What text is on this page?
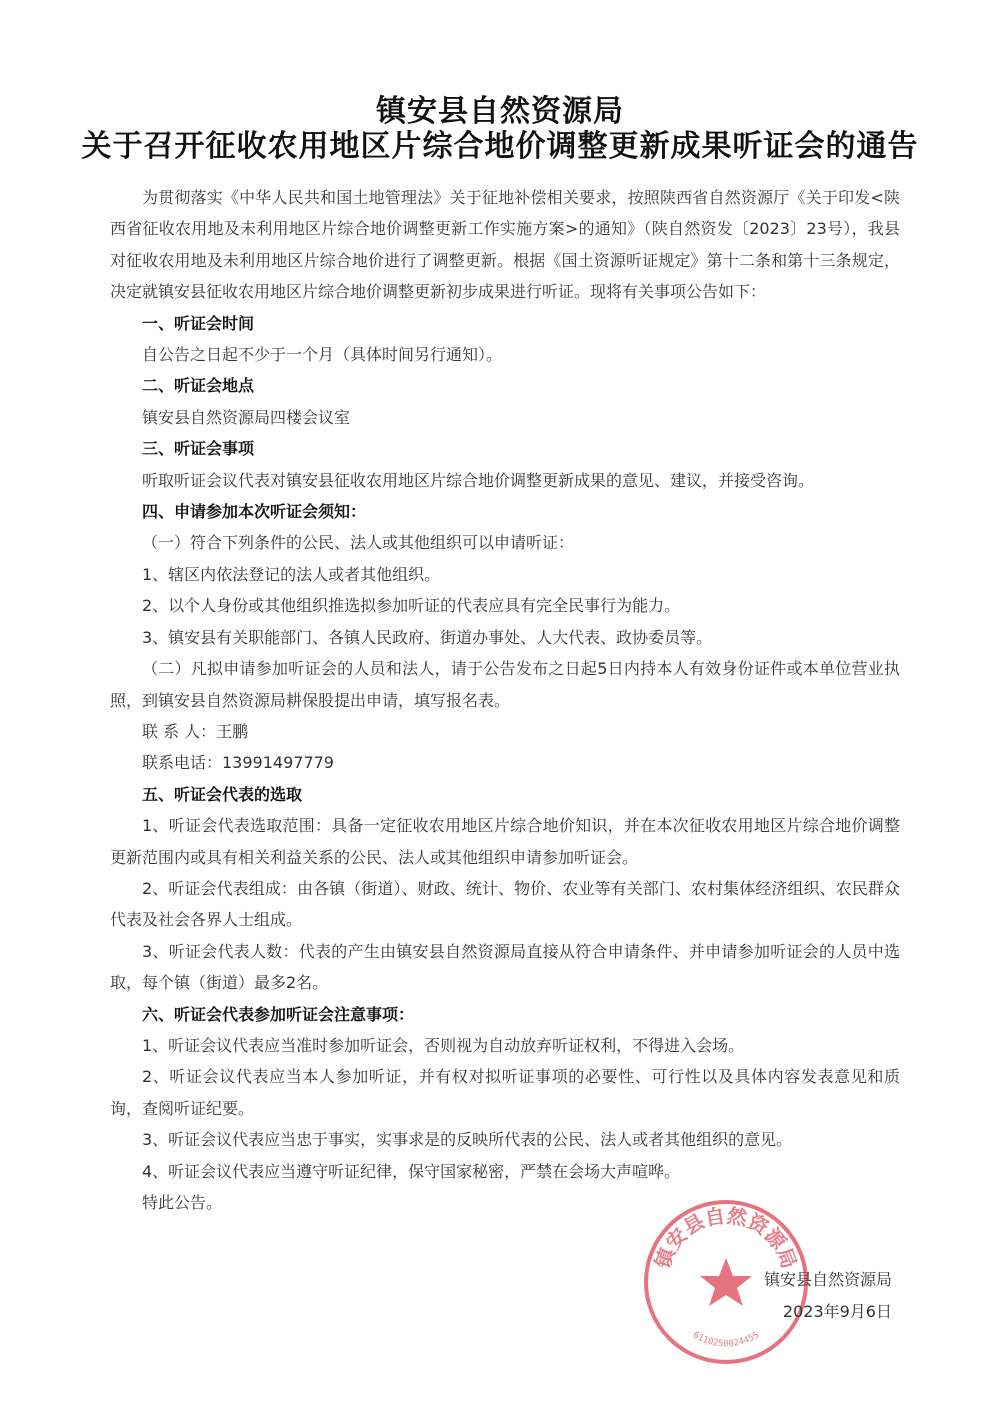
镇安县自然资源局
关于召开征收农用地区片综合地价调整更新成果听证会的通告

为贯彻落实《中华人民共和国土地管理法》关于征地补偿相关要求，按照陕西省自然资源厅《关于印发<陕西省征收农用地及未利用地区片综合地价调整更新工作实施方案>的通知》（陕自然资发〔2023〕23号），我县对征收农用地及未利用地区片综合地价进行了调整更新。根据《国土资源听证规定》第十二条和第十三条规定，决定就镇安县征收农用地区片综合地价调整更新初步成果进行听证。现将有关事项公告如下：

一、听证会时间

自公告之日起不少于一个月（具体时间另行通知）。

二、听证会地点

镇安县自然资源局四楼会议室

三、听证会事项

听取听证会议代表对镇安县征收农用地区片综合地价调整更新成果的意见、建议，并接受咨询。

四、申请参加本次听证会须知：

（一）符合下列条件的公民、法人或其他组织可以申请听证：

1、辖区内依法登记的法人或者其他组织。

2、以个人身份或其他组织推选拟参加听证的代表应具有完全民事行为能力。

3、镇安县有关职能部门、各镇人民政府、街道办事处、人大代表、政协委员等。

（二）凡拟申请参加听证会的人员和法人，请于公告发布之日起5日内持本人有效身份证件或本单位营业执照，到镇安县自然资源局耕保股提出申请，填写报名表。

联 系 人：王鹏

联系电话：13991497779

五、听证会代表的选取

1、听证会代表选取范围：具备一定征收农用地区片综合地价知识，并在本次征收农用地区片综合地价调整更新范围内或具有相关利益关系的公民、法人或其他组织申请参加听证会。

2、听证会代表组成：由各镇（街道）、财政、统计、物价、农业等有关部门、农村集体经济组织、农民群众代表及社会各界人士组成。

3、听证会代表人数：代表的产生由镇安县自然资源局直接从符合申请条件、并申请参加听证会的人员中选取，每个镇（街道）最多2名。

六、听证会代表参加听证会注意事项：

1、听证会议代表应当准时参加听证会，否则视为自动放弃听证权利，不得进入会场。

2、听证会议代表应当本人参加听证，并有权对拟听证事项的必要性、可行性以及具体内容发表意见和质询，查阅听证纪要。

3、听证会议代表应当忠于事实，实事求是的反映所代表的公民、法人或者其他组织的意见。

4、听证会议代表应当遵守听证纪律，保守国家秘密，严禁在会场大声喧哗。

特此公告。

镇安县自然资源局
6110250024455
镇安县自然资源局
2023年9月6日
